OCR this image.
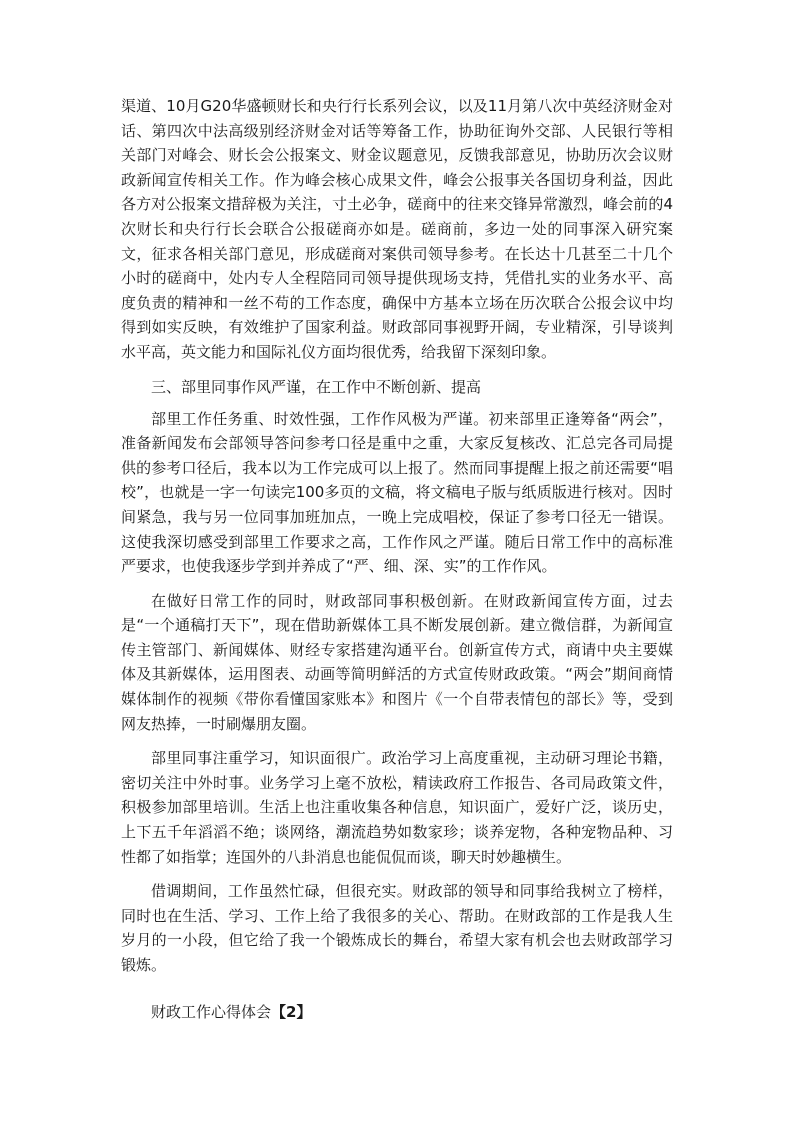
渠道、10月G20华盛顿财长和央行行长系列会议，以及11月第八次中英经济财金对话、第四次中法高级别经济财金对话等筹备工作，协助征询外交部、人民银行等相关部门对峰会、财长会公报案文、财金议题意见，反馈我部意见，协助历次会议财政新闻宣传相关工作。作为峰会核心成果文件，峰会公报事关各国切身利益，因此各方对公报案文措辞极为关注，寸土必争，磋商中的往来交锋异常激烈，峰会前的4次财长和央行行长会联合公报磋商亦如是。磋商前，多边一处的同事深入研究案文，征求各相关部门意见，形成磋商对案供司领导参考。在长达十几甚至二十几个小时的磋商中，处内专人全程陪同司领导提供现场支持，凭借扎实的业务水平、高度负责的精神和一丝不苟的工作态度，确保中方基本立场在历次联合公报会议中均得到如实反映，有效维护了国家利益。财政部同事视野开阔，专业精深，引导谈判水平高，英文能力和国际礼仪方面均很优秀，给我留下深刻印象。

三、部里同事作风严谨，在工作中不断创新、提高

部里工作任务重、时效性强，工作作风极为严谨。初来部里正逢筹备“两会”，准备新闻发布会部领导答问参考口径是重中之重，大家反复核改、汇总完各司局提供的参考口径后，我本以为工作完成可以上报了。然而同事提醒上报之前还需要“唱校”，也就是一字一句读完100多页的文稿，将文稿电子版与纸质版进行核对。因时间紧急，我与另一位同事加班加点，一晚上完成唱校，保证了参考口径无一错误。这使我深切感受到部里工作要求之高，工作作风之严谨。随后日常工作中的高标准严要求，也使我逐步学到并养成了“严、细、深、实”的工作作风。

在做好日常工作的同时，财政部同事积极创新。在财政新闻宣传方面，过去是“一个通稿打天下”，现在借助新媒体工具不断发展创新。建立微信群，为新闻宣传主管部门、新闻媒体、财经专家搭建沟通平台。创新宣传方式，商请中央主要媒体及其新媒体，运用图表、动画等简明鲜活的方式宣传财政政策。“两会”期间商情媒体制作的视频《带你看懂国家账本》和图片《一个自带表情包的部长》等，受到网友热捧，一时刷爆朋友圈。

部里同事注重学习，知识面很广。政治学习上高度重视，主动研习理论书籍，密切关注中外时事。业务学习上毫不放松，精读政府工作报告、各司局政策文件，积极参加部里培训。生活上也注重收集各种信息，知识面广，爱好广泛，谈历史，上下五千年滔滔不绝；谈网络，潮流趋势如数家珍；谈养宠物，各种宠物品种、习性都了如指掌；连国外的八卦消息也能侃侃而谈，聊天时妙趣横生。

借调期间，工作虽然忙碌，但很充实。财政部的领导和同事给我树立了榜样，同时也在生活、学习、工作上给了我很多的关心、帮助。在财政部的工作是我人生岁月的一小段，但它给了我一个锻炼成长的舞台，希望大家有机会也去财政部学习锻炼。

财政工作心得体会【2】
